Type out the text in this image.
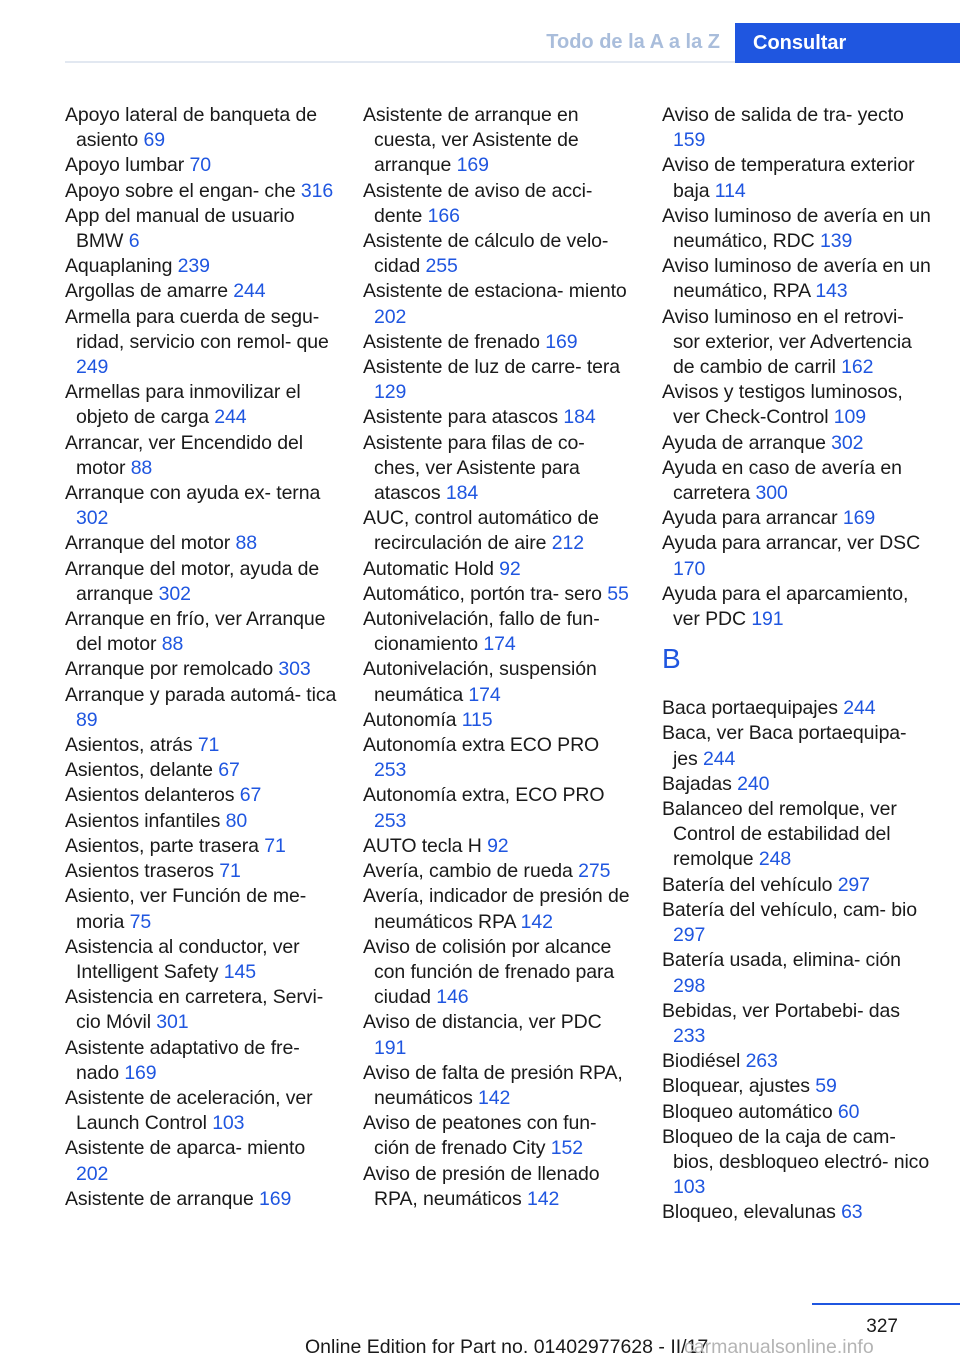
Todo de la A a la Z	Consultar
Apoyo lateral de banqueta de asiento 69
Apoyo lumbar 70
Apoyo sobre el engan‐ che 316
App del manual de usuario BMW 6
Aquaplaning 239
Argollas de amarre 244
Armella para cuerda de segu‐ ridad, servicio con remol‐ que 249
Armellas para inmovilizar el objeto de carga 244
Arrancar, ver Encendido del motor 88
Arranque con ayuda ex‐ terna 302
Arranque del motor 88
Arranque del motor, ayuda de arranque 302
Arranque en frío, ver Arranque del motor 88
Arranque por remolcado 303
Arranque y parada automá‐ tica 89
Asientos, atrás 71
Asientos, delante 67
Asientos delanteros 67
Asientos infantiles 80
Asientos, parte trasera 71
Asientos traseros 71
Asiento, ver Función de me‐ moria 75
Asistencia al conductor, ver Intelligent Safety 145
Asistencia en carretera, Servi‐ cio Móvil 301
Asistente adaptativo de fre‐ nado 169
Asistente de aceleración, ver Launch Control 103
Asistente de aparca‐ miento 202
Asistente de arranque 169
Asistente de arranque en cuesta, ver Asistente de arranque 169
Asistente de aviso de acci‐ dente 166
Asistente de cálculo de velo‐ cidad 255
Asistente de estaciona‐ miento 202
Asistente de frenado 169
Asistente de luz de carre‐ tera 129
Asistente para atascos 184
Asistente para filas de co‐ ches, ver Asistente para atascos 184
AUC, control automático de recirculación de aire 212
Automatic Hold 92
Automático, portón tra‐ sero 55
Autonivelación, fallo de fun‐ cionamiento 174
Autonivelación, suspensión neumática 174
Autonomía 115
Autonomía extra ECO PRO 253
Autonomía extra, ECO PRO 253
AUTO tecla H 92
Avería, cambio de rueda 275
Avería, indicador de presión de neumáticos RPA 142
Aviso de colisión por alcance con función de frenado para ciudad 146
Aviso de distancia, ver PDC 191
Aviso de falta de presión RPA, neumáticos 142
Aviso de peatones con fun‐ ción de frenado City 152
Aviso de presión de llenado RPA, neumáticos 142
Aviso de salida de tra‐ yecto 159
Aviso de temperatura exterior baja 114
Aviso luminoso de avería en un neumático, RDC 139
Aviso luminoso de avería en un neumático, RPA 143
Aviso luminoso en el retrovi‐ sor exterior, ver Advertencia de cambio de carril 162
Avisos y testigos luminosos, ver Check-Control 109
Ayuda de arranque 302
Ayuda en caso de avería en carretera 300
Ayuda para arrancar 169
Ayuda para arrancar, ver DSC 170
Ayuda para el aparcamiento, ver PDC 191
B
Baca portaequipajes 244
Baca, ver Baca portaequipa‐ jes 244
Bajadas 240
Balanceo del remolque, ver Control de estabilidad del remolque 248
Batería del vehículo 297
Batería del vehículo, cam‐ bio 297
Batería usada, elimina‐ ción 298
Bebidas, ver Portabebi‐ das 233
Biodiésel 263
Bloquear, ajustes 59
Bloqueo automático 60
Bloqueo de la caja de cam‐ bios, desbloqueo electró‐ nico 103
Bloqueo, elevalunas 63
327
Online Edition for Part no. 01402977628 - II/17
carmanualsonline.info
